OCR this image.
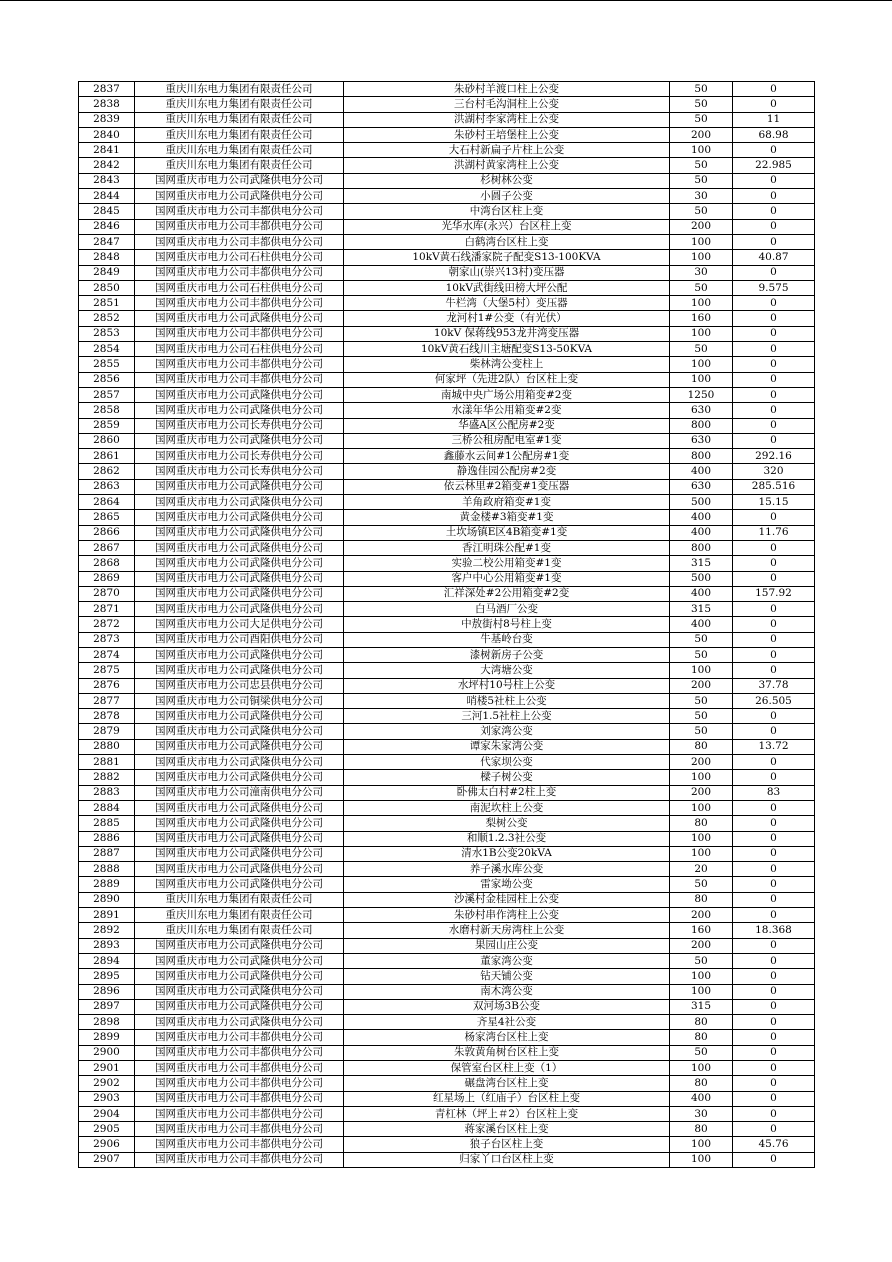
2837	重庆川东电力集团有限责任公司	朱砂村羊渡口柱上公变	50	0
2838	重庆川东电力集团有限责任公司	三台村毛沟洞柱上公变	50	0
2839	重庆川东电力集团有限责任公司	洪湖村李家湾柱上公变	50	11
2840	重庆川东电力集团有限责任公司	朱砂村王培堡柱上公变	200	68.98
2841	重庆川东电力集团有限责任公司	大石村新扁子片柱上公变	100	0
2842	重庆川东电力集团有限责任公司	洪湖村黄家湾柱上公变	50	22.985
2843	国网重庆市电力公司武隆供电分公司	杉树林公变	50	0
2844	国网重庆市电力公司武隆供电分公司	小圆子公变	30	0
2845	国网重庆市电力公司丰都供电分公司	中湾台区柱上变	50	0
2846	国网重庆市电力公司丰都供电分公司	光华水库(永兴）台区柱上变	200	0
2847	国网重庆市电力公司丰都供电分公司	白鹤湾台区柱上变	100	0
2848	国网重庆市电力公司石柱供电分公司	10kV黄石线潘家院子配变S13-100KVA	100	40.87
2849	国网重庆市电力公司丰都供电分公司	朝家山(崇兴13村)变压器	30	0
2850	国网重庆市电力公司石柱供电分公司	10kV武街线田榜大坪公配	50	9.575
2851	国网重庆市电力公司丰都供电分公司	牛栏湾（大堡5村）变压器	100	0
2852	国网重庆市电力公司武隆供电分公司	龙河村1#公变（有光伏）	160	0
2853	国网重庆市电力公司丰都供电分公司	10kV 保蒋线953龙井湾变压器	100	0
2854	国网重庆市电力公司石柱供电分公司	10kV黄石线川主塘配变S13-50KVA	50	0
2855	国网重庆市电力公司丰都供电分公司	柴林湾公变柱上	100	0
2856	国网重庆市电力公司丰都供电分公司	何家坪（先进2队）台区柱上变	100	0
2857	国网重庆市电力公司武隆供电分公司	南城中央广场公用箱变#2变	1250	0
2858	国网重庆市电力公司武隆供电分公司	水漾年华公用箱变#2变	630	0
2859	国网重庆市电力公司长寿供电分公司	华盛A区公配房#2变	800	0
2860	国网重庆市电力公司武隆供电分公司	三桥公租房配电室#1变	630	0
2861	国网重庆市电力公司长寿供电分公司	鑫藤水云间#1公配房#1变	800	292.16
2862	国网重庆市电力公司长寿供电分公司	静逸佳园公配房#2变	400	320
2863	国网重庆市电力公司武隆供电分公司	依云林里#2箱变#1变压器	630	285.516
2864	国网重庆市电力公司武隆供电分公司	羊角政府箱变#1变	500	15.15
2865	国网重庆市电力公司武隆供电分公司	黄金楼#3箱变#1变	400	0
2866	国网重庆市电力公司武隆供电分公司	土坎场镇E区4B箱变#1变	400	11.76
2867	国网重庆市电力公司武隆供电分公司	香江明珠公配#1变	800	0
2868	国网重庆市电力公司武隆供电分公司	实验二校公用箱变#1变	315	0
2869	国网重庆市电力公司武隆供电分公司	客户中心公用箱变#1变	500	0
2870	国网重庆市电力公司武隆供电分公司	汇祥深处#2公用箱变#2变	400	157.92
2871	国网重庆市电力公司武隆供电分公司	白马酒厂公变	315	0
2872	国网重庆市电力公司大足供电分公司	中敖街村8号柱上变	400	0
2873	国网重庆市电力公司酉阳供电分公司	牛基岭台变	50	0
2874	国网重庆市电力公司武隆供电分公司	漆树新房子公变	50	0
2875	国网重庆市电力公司武隆供电分公司	大湾塘公变	100	0
2876	国网重庆市电力公司忠县供电分公司	水坪村10号柱上公变	200	37.78
2877	国网重庆市电力公司铜梁供电分公司	哨楼5社柱上公变	50	26.505
2878	国网重庆市电力公司武隆供电分公司	三河1.5社柱上公变	50	0
2879	国网重庆市电力公司武隆供电分公司	刘家湾公变	50	0
2880	国网重庆市电力公司武隆供电分公司	谭家朱家湾公变	80	13.72
2881	国网重庆市电力公司武隆供电分公司	代家坝公变	200	0
2882	国网重庆市电力公司武隆供电分公司	樑子树公变	100	0
2883	国网重庆市电力公司潼南供电分公司	卧佛太白村#2柱上变	200	83
2884	国网重庆市电力公司武隆供电分公司	南泥坎柱上公变	100	0
2885	国网重庆市电力公司武隆供电分公司	梨树公变	80	0
2886	国网重庆市电力公司武隆供电分公司	和顺1.2.3社公变	100	0
2887	国网重庆市电力公司武隆供电分公司	清水1B公变20kVA	100	0
2888	国网重庆市电力公司武隆供电分公司	养子溪水库公变	20	0
2889	国网重庆市电力公司武隆供电分公司	雷家坳公变	50	0
2890	重庆川东电力集团有限责任公司	沙溪村金桂园柱上公变	80	0
2891	重庆川东电力集团有限责任公司	朱砂村串作湾柱上公变	200	0
2892	重庆川东电力集团有限责任公司	水磨村新天房湾柱上公变	160	18.368
2893	国网重庆市电力公司武隆供电分公司	果园山庄公变	200	0
2894	国网重庆市电力公司武隆供电分公司	董家湾公变	50	0
2895	国网重庆市电力公司武隆供电分公司	钻天铺公变	100	0
2896	国网重庆市电力公司武隆供电分公司	南木湾公变	100	0
2897	国网重庆市电力公司武隆供电分公司	双河场3B公变	315	0
2898	国网重庆市电力公司武隆供电分公司	齐星4社公变	80	0
2899	国网重庆市电力公司丰都供电分公司	杨家湾台区柱上变	80	0
2900	国网重庆市电力公司丰都供电分公司	朱敦黄角树台区柱上变	50	0
2901	国网重庆市电力公司丰都供电分公司	保管室台区柱上变（1）	100	0
2902	国网重庆市电力公司丰都供电分公司	碾盘湾台区柱上变	80	0
2903	国网重庆市电力公司丰都供电分公司	红星场上（红庙子）台区柱上变	400	0
2904	国网重庆市电力公司丰都供电分公司	青杠林（坪上＃2）台区柱上变	30	0
2905	国网重庆市电力公司丰都供电分公司	蒋家溪台区柱上变	80	0
2906	国网重庆市电力公司丰都供电分公司	狼子台区柱上变	100	45.76
2907	国网重庆市电力公司丰都供电分公司	归家丫口台区柱上变	100	0
